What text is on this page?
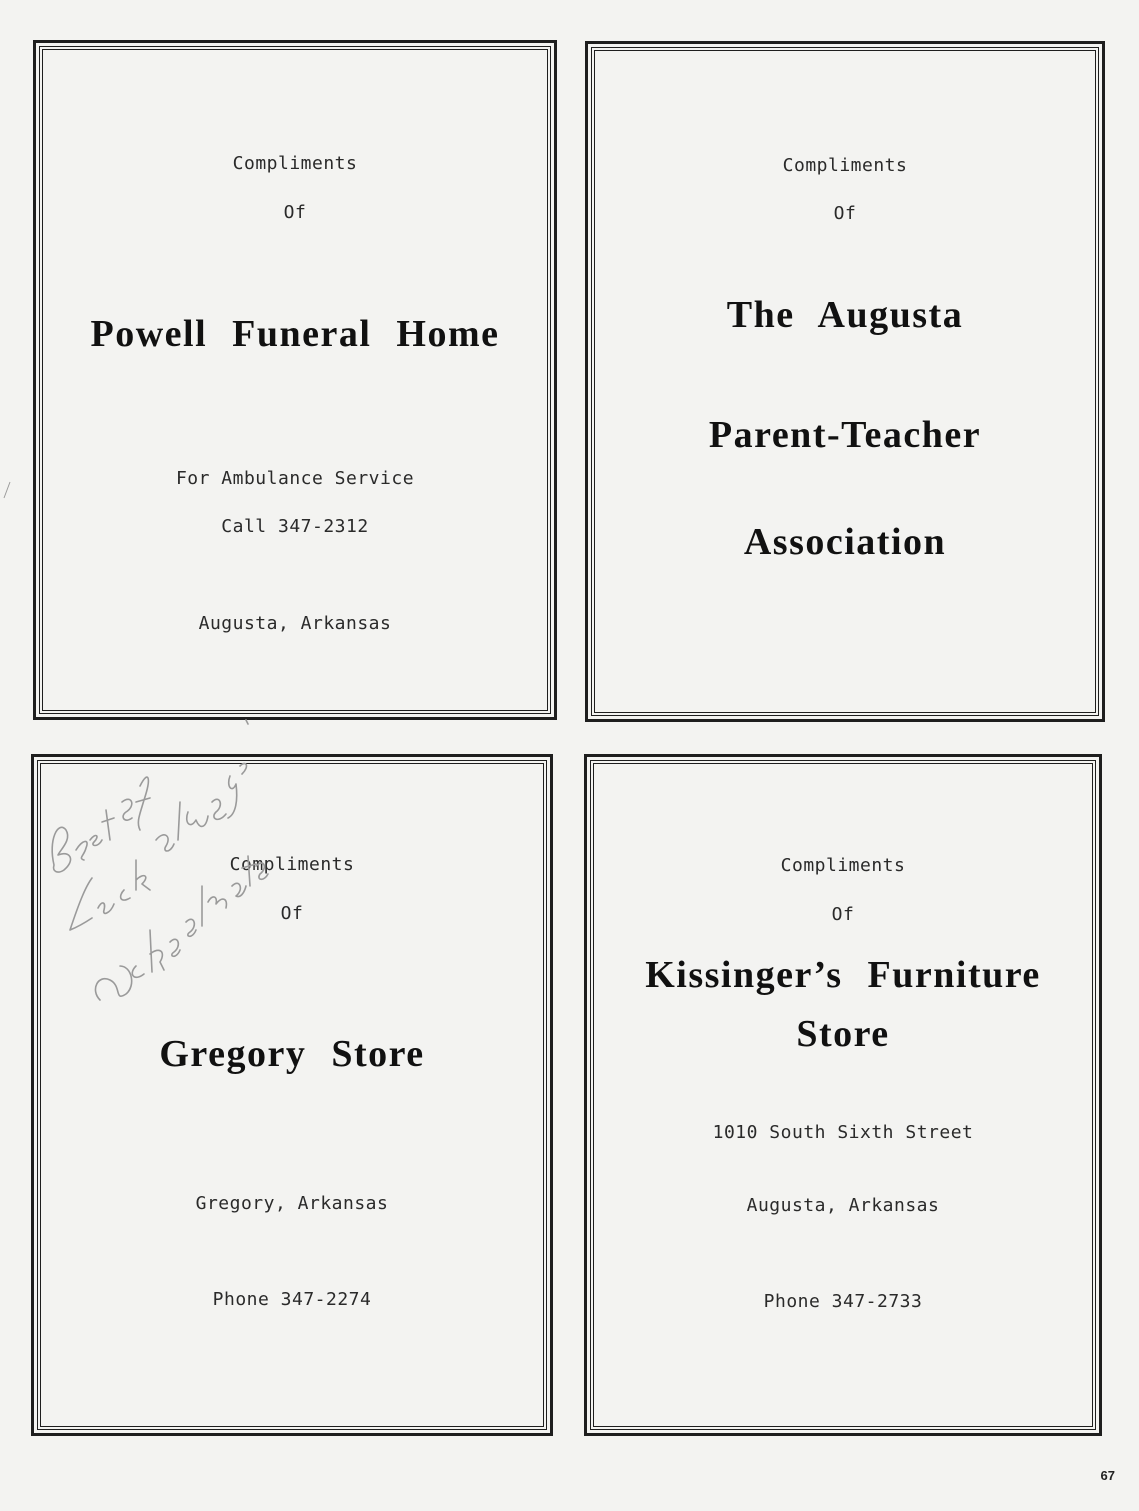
Compliments
Of
Powell Funeral Home
For Ambulance Service
Call 347-2312
Augusta, Arkansas
Compliments
Of
The Augusta
Parent-Teacher
Association
Compliments
Of
Gregory Store
Gregory, Arkansas
Phone 347-2274
Compliments
Of
Kissinger’s Furniture
Store
1010 South Sixth Street
Augusta, Arkansas
Phone 347-2733
67
